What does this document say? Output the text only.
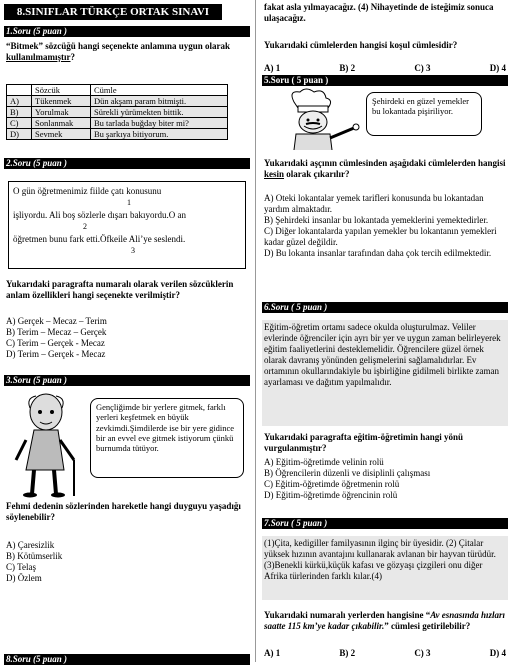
8.SINIFLAR TÜRKÇE ORTAK SINAVI
1.Soru (5 puan )
“Bitmek” sözcüğü hangi seçenekte anlamına uygun olarak kullanılmamıştır?
	Sözcük	Cümle
A)	Tükenmek	Dün akşam param bitmişti.
B)	Yorulmak	Sürekli yürümekten bittik.
C)	Sonlanmak	Bu tarlada buğday biter mi?
D)	Sevmek	Bu şarkıya bitiyorum.
2.Soru (5 puan )
O gün öğretmenimiz fiilde çatı konusunu
1
işliyordu. Ali boş sözlerle dışarı bakıyordu.O an
2
öğretmen bunu fark etti.Öfkeile Ali’ye seslendi.
3
Yukarıdaki paragrafta numaralı olarak verilen sözcüklerin anlam özellikleri hangi seçenekte verilmiştir?
A) Gerçek – Mecaz – Terim
B) Terim – Mecaz – Gerçek
C) Terim – Gerçek - Mecaz
D) Terim – Gerçek - Mecaz
3.Soru (5 puan )
Gençliğimde bir yerlere gitmek, farklı yerleri keşfetmek en büyük zevkimdi.Şimdilerde ise bir yere gidince bir an evvel eve gitmek istiyorum çünkü burnumda tütüyor.
Fehmi dedenin sözlerinden hareketle hangi duyguyu yaşadığı söylenebilir?
A) Çaresizlik
B) Kötümserlik
C) Telaş
D) Özlem
8.Soru (5 puan )
fakat asla yılmayacağız. (4) Nihayetinde de isteğimiz sonuca ulaşacağız.
Yukarıdaki cümlelerden hangisi koşul cümlesidir?
A) 1	B) 2	C) 3	D) 4
5.Soru ( 5 puan )
Şehirdeki en güzel yemekler bu lokantada pişiriliyor.
Yukarıdaki aşçının cümlesinden aşağıdaki cümlelerden hangisi kesin olarak çıkarılır?
A) Oteki lokantalar yemek tarifleri konusunda bu lokantadan yardım almaktadır.
B) Şehirdeki insanlar bu lokantada yemeklerini yemektedirler.
C) Diğer lokantalarda yapılan yemekler bu lokantanın yemekleri kadar güzel değildir.
D) Bu lokanta insanlar tarafından daha çok tercih edilmektedir.
6.Soru ( 5 puan )
Eğitim-öğretim ortamı sadece okulda oluşturulmaz. Veliler evlerinde öğrenciler için ayrı bir yer ve uygun zaman belirleyerek eğitim faaliyetlerini desteklemelidir. Öğrencilere güzel örnek olarak davranış yönünden gelişmelerini sağlamalıdırlar. Ev ortamının okullarındakiyle bu işbirliğine gidilmeli birlikte zaman ayarlaması ve dağıtım yapılmalıdır.
Yukarıdaki paragrafta eğitim-öğretimin hangi yönü vurgulanmıştır?
A) Eğitim-öğretimde velinin rolü
B) Öğrencilerin düzenli ve disiplinli çalışması
C) Eğitim-öğretimde öğretmenin rolü
D) Eğitim-öğretimde öğrencinin rolü
7.Soru ( 5 puan )
(1)Çita, kedigiller familyasının ilginç bir üyesidir. (2) Çitalar yüksek hızının avantajını kullanarak avlanan bir hayvan türüdür. (3)Benekli kürkü,küçük kafası ve gözyaşı çizgileri onu diğer Afrika türlerinden farklı kılar.(4)
Yukarıdaki numaralı yerlerden hangisine “Av esnasında hızları saatte 115 km’ye kadar çıkabilir.” cümlesi getirilebilir?
A) 1	B) 2	C) 3	D) 4
